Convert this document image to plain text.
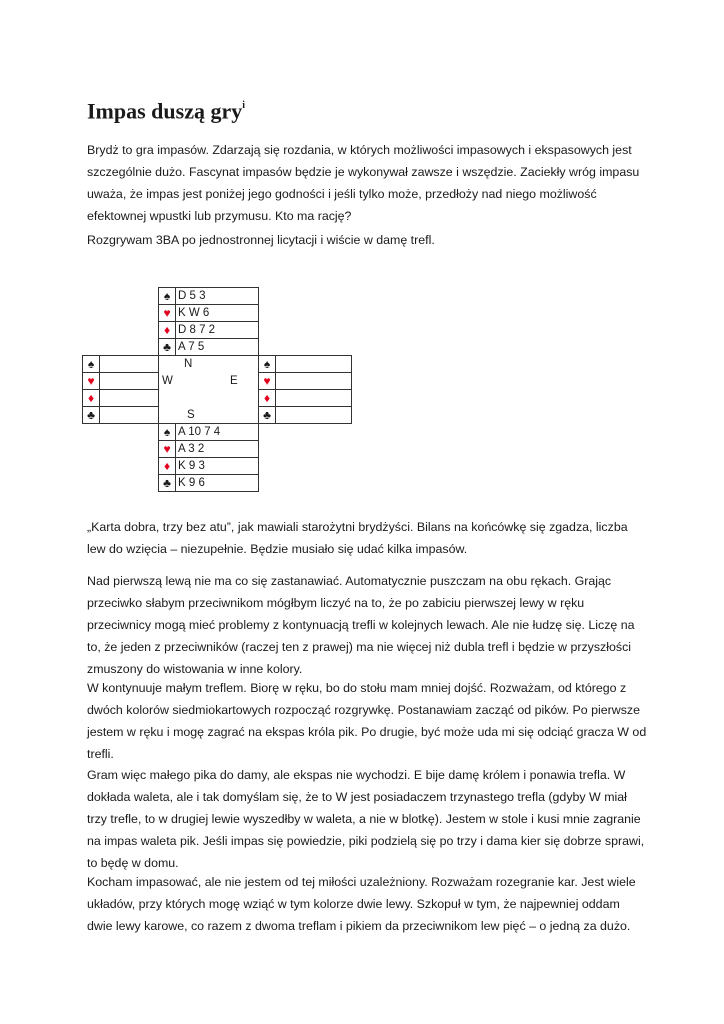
Impas duszą gry$^i$
Brydż to gra impasów. Zdarzają się rozdania, w których możliwości impasowych i ekspasowych jest
szczególnie dużo. Fascynat impasów będzie je wykonywał zawsze i wszędzie. Zaciekły wróg impasu
uważa, że impas jest poniżej jego godności i jeśli tylko może, przedłoży nad niego możliwość
efektownej wpustki lub przymusu. Kto ma rację?
Rozgrywam 3BA po jednostronnej licytacji i wiście w damę trefl.
♠ D 5 3
♥ K W 6
♦ D 8 7 2
♣ A 7 5
♠
♥
♦
♣
N
W	E
S
♠
♥
♦
♣
♠ A 10 7 4
♥ A 3 2
♦ K 9 3
♣ K 9 6
„Karta dobra, trzy bez atu”, jak mawiali starożytni brydżyści. Bilans na końcówkę się zgadza, liczba
lew do wzięcia – niezupełnie. Będzie musiało się udać kilka impasów.
Nad pierwszą lewą nie ma co się zastanawiać. Automatycznie puszczam na obu rękach. Grając
przeciwko słabym przeciwnikom mógłbym liczyć na to, że po zabiciu pierwszej lewy w ręku
przeciwnicy mogą mieć problemy z kontynuacją trefli w kolejnych lewach. Ale nie łudzę się. Liczę na
to, że jeden z przeciwników (raczej ten z prawej) ma nie więcej niż dubla trefl i będzie w przyszłości
zmuszony do wistowania w inne kolory.
W kontynuuje małym treflem. Biorę w ręku, bo do stołu mam mniej dojść. Rozważam, od którego z
dwóch kolorów siedmiokartowych rozpocząć rozgrywkę. Postanawiam zacząć od pików. Po pierwsze
jestem w ręku i mogę zagrać na ekspas króla pik. Po drugie, być może uda mi się odciąć gracza W od
trefli.
Gram więc małego pika do damy, ale ekspas nie wychodzi. E bije damę królem i ponawia trefla. W
dokłada waleta, ale i tak domyślam się, że to W jest posiadaczem trzynastego trefla (gdyby W miał
trzy trefle, to w drugiej lewie wyszedłby w waleta, a nie w blotkę). Jestem w stole i kusi mnie zagranie
na impas waleta pik. Jeśli impas się powiedzie, piki podzielą się po trzy i dama kier się dobrze sprawi,
to będę w domu.
Kocham impasować, ale nie jestem od tej miłości uzależniony. Rozważam rozegranie kar. Jest wiele
układów, przy których mogę wziąć w tym kolorze dwie lewy. Szkopuł w tym, że najpewniej oddam
dwie lewy karowe, co razem z dwoma treflam i pikiem da przeciwnikom lew pięć – o jedną za dużo.
